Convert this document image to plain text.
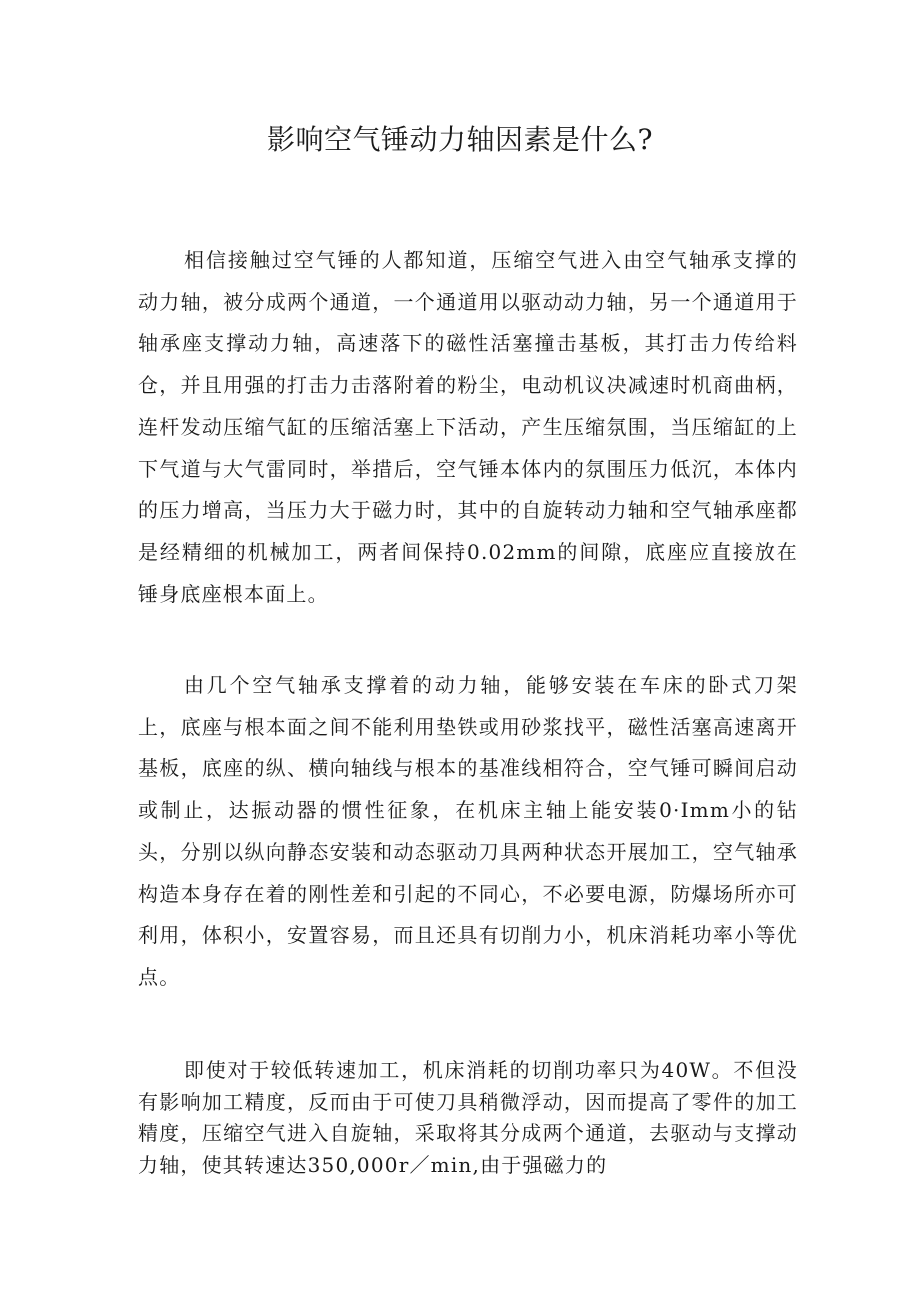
影响空气锤动力轴因素是什么?

相信接触过空气锤的人都知道，压缩空气进入由空气轴承支撑的动力轴，被分成两个通道，一个通道用以驱动动力轴，另一个通道用于轴承座支撑动力轴，高速落下的磁性活塞撞击基板，其打击力传给料仓，并且用强的打击力击落附着的粉尘，电动机议决减速时机商曲柄，连杆发动压缩气缸的压缩活塞上下活动，产生压缩氛围，当压缩缸的上下气道与大气雷同时，举措后，空气锤本体内的氛围压力低沉，本体内的压力增高，当压力大于磁力时，其中的自旋转动力轴和空气轴承座都是经精细的机械加工，两者间保持0.02mm的间隙，底座应直接放在锤身底座根本面上。

由几个空气轴承支撑着的动力轴，能够安装在车床的卧式刀架上，底座与根本面之间不能利用垫铁或用砂浆找平，磁性活塞高速离开基板，底座的纵、横向轴线与根本的基准线相符合，空气锤可瞬间启动或制止，达振动器的惯性征象，在机床主轴上能安装0·Imm小的钻头，分别以纵向静态安装和动态驱动刀具两种状态开展加工，空气轴承构造本身存在着的刚性差和引起的不同心，不必要电源，防爆场所亦可利用，体积小，安置容易，而且还具有切削力小，机床消耗功率小等优点。

即使对于较低转速加工，机床消耗的切削功率只为40W。不但没有影响加工精度，反而由于可使刀具稍微浮动，因而提高了零件的加工精度，压缩空气进入自旋轴，采取将其分成两个通道，去驱动与支撑动力轴，使其转速达350,000r／min,由于强磁力的
